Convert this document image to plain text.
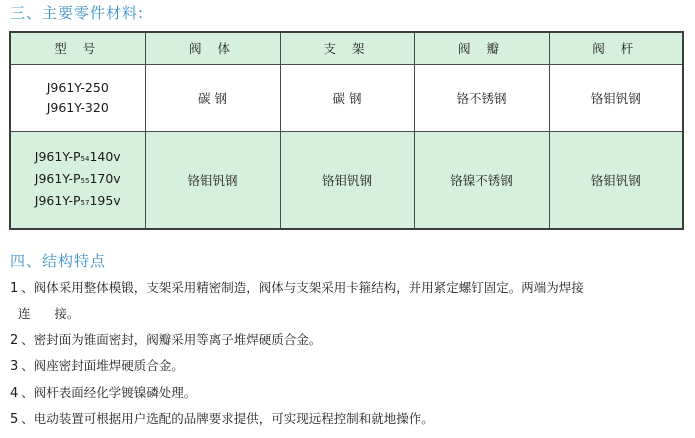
三、主要零件材料:
型 号	阀 体	支 架	阀 瓣	阀 杆

J961Y-250
J961Y-320	碳 钢	碳 钢	铬不锈钢	铬钼钒钢

J961Y-P54140v
J961Y-P55170v
J961Y-P57195v	铬钼钒钢	铬钼钒钢	铬镍不锈钢	铬钼钒钢
四、结构特点
1 、阀体采用整体模锻，支架采用精密制造，阀体与支架采用卡箍结构，并用紧定螺钉固定。两端为焊接
连      接。
2 、密封面为锥面密封，阀瓣采用等离子堆焊硬质合金。
3 、阀座密封面堆焊硬质合金。
4 、阀杆表面经化学镀镍磷处理。
5 、电动装置可根据用户选配的品牌要求提供，可实现远程控制和就地操作。
